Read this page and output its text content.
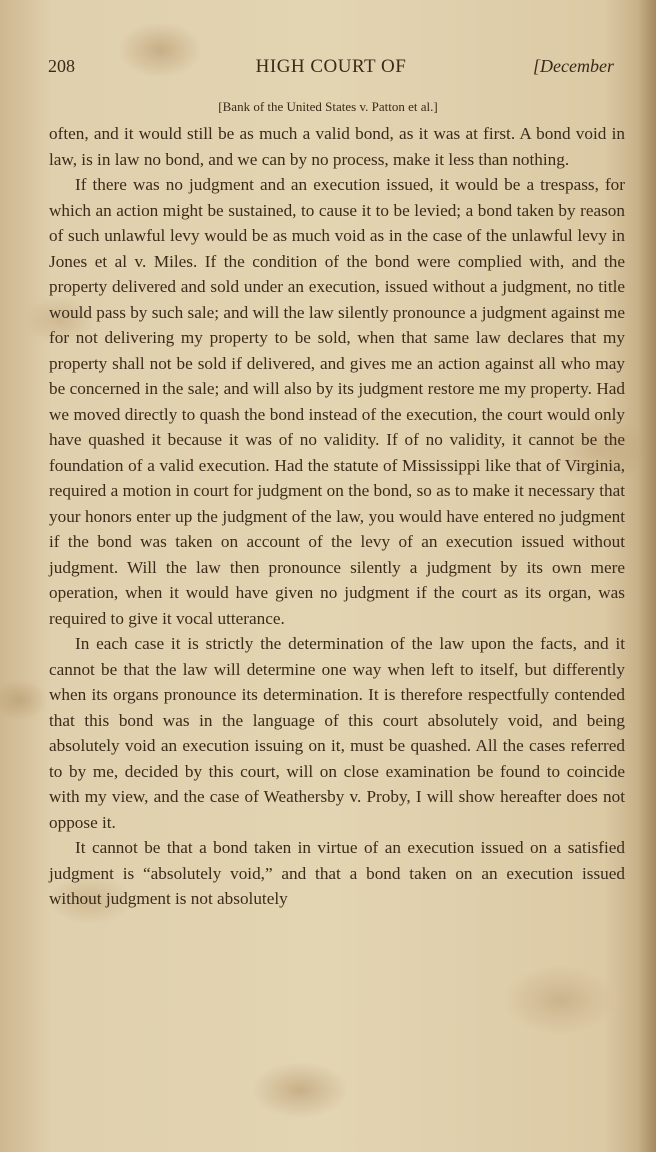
208	HIGH COURT OF	[December
[Bank of the United States v. Patton et al.]

often, and it would still be as much a valid bond, as it was at first. A bond void in law, is in law no bond, and we can by no process, make it less than nothing.

If there was no judgment and an execution issued, it would be a trespass, for which an action might be sustained, to cause it to be levied; a bond taken by reason of such unlawful levy would be as much void as in the case of the unlawful levy in Jones et al v. Miles. If the condition of the bond were complied with, and the property delivered and sold under an execution, issued without a judgment, no title would pass by such sale; and will the law silently pronounce a judgment against me for not delivering my property to be sold, when that same law declares that my property shall not be sold if delivered, and gives me an action against all who may be concerned in the sale; and will also by its judgment restore me my property. Had we moved directly to quash the bond instead of the execution, the court would only have quashed it because it was of no validity. If of no validity, it cannot be the foundation of a valid execution. Had the statute of Mississippi like that of Virginia, required a motion in court for judgment on the bond, so as to make it necessary that your honors enter up the judgment of the law, you would have entered no judgment if the bond was taken on account of the levy of an execution issued without judgment. Will the law then pronounce silently a judgment by its own mere operation, when it would have given no judgment if the court as its organ, was required to give it vocal utterance.

In each case it is strictly the determination of the law upon the facts, and it cannot be that the law will determine one way when left to itself, but differently when its organs pronounce its determination. It is therefore respectfully contended that this bond was in the language of this court absolutely void, and being absolutely void an execution issuing on it, must be quashed. All the cases referred to by me, decided by this court, will on close examination be found to coincide with my view, and the case of Weathersby v. Proby, I will show hereafter does not oppose it.

It cannot be that a bond taken in virtue of an execution issued on a satisfied judgment is “absolutely void,” and that a bond taken on an execution issued without judgment is not absolutely
